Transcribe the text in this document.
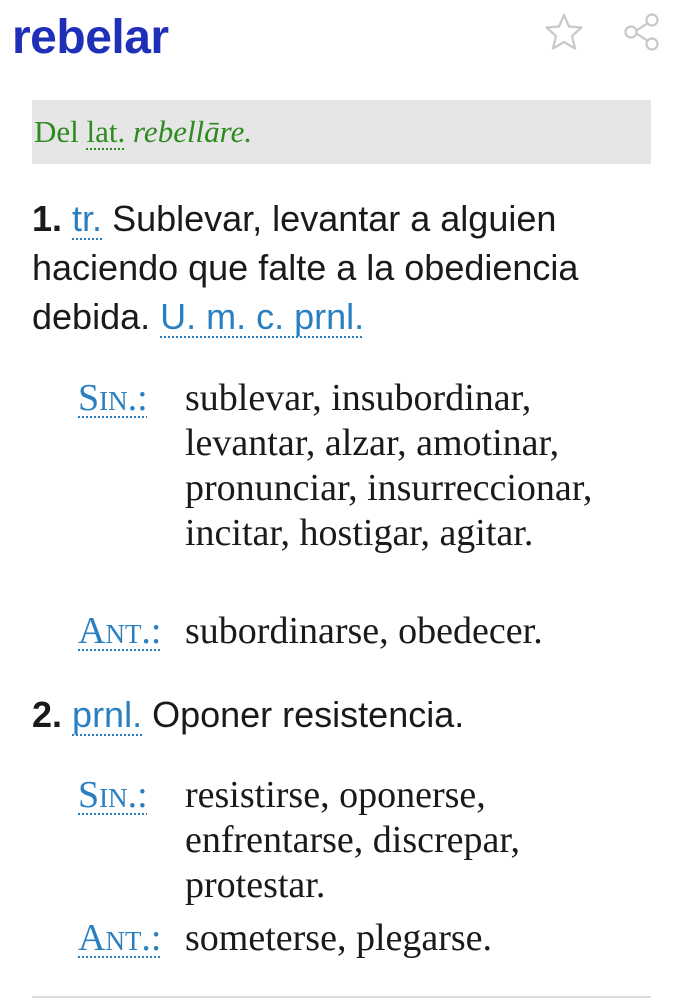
rebelar
Del lat. rebellāre.
1. tr. Sublevar, levantar a alguien haciendo que falte a la obediencia debida. U. m. c. prnl.
Sin.: sublevar, insubordinar, levantar, alzar, amotinar, pronunciar, insurreccionar, incitar, hostigar, agitar.
Ant.: subordinarse, obedecer.
2. prnl. Oponer resistencia.
Sin.: resistirse, oponerse, enfrentarse, discrepar, protestar.
Ant.: someterse, plegarse.
